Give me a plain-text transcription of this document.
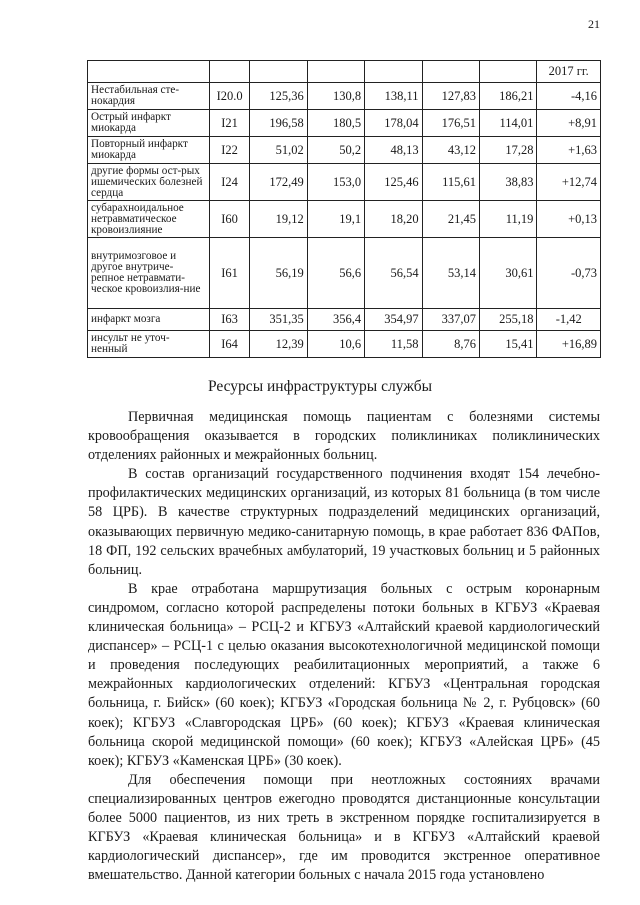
21
							2017 гг.
Нестабильная сте-нокардия	I20.0	125,36	130,8	138,11	127,83	186,21	-4,16
Острый инфаркт миокарда	I21	196,58	180,5	178,04	176,51	114,01	+8,91
Повторный инфаркт миокарда	I22	51,02	50,2	48,13	43,12	17,28	+1,63
другие формы ост-рых ишемических болезней сердца	I24	172,49	153,0	125,46	115,61	38,83	+12,74
субарахноидальное нетравматическое кровоизлияние	I60	19,12	19,1	18,20	21,45	11,19	+0,13
внутримозговое и другое внутриче-репное нетравмати-ческое кровоизлия-ние	I61	56,19	56,6	56,54	53,14	30,61	-0,73
инфаркт мозга	I63	351,35	356,4	354,97	337,07	255,18	-1,42
инсульт не уточ-ненный	I64	12,39	10,6	11,58	8,76	15,41	+16,89
Ресурсы инфраструктуры службы

Первичная медицинская помощь пациентам с болезнями системы кровообращения оказывается в городских поликлиниках поликлинических отделениях районных и межрайонных больниц.

В состав организаций государственного подчинения входят 154 лечебно-профилактических медицинских организаций, из которых 81 больница (в том числе 58 ЦРБ). В качестве структурных подразделений медицинских организаций, оказывающих первичную медико-санитарную помощь, в крае работает 836 ФАПов, 18 ФП, 192 сельских врачебных амбулаторий, 19 участковых больниц и 5 районных больниц.

В крае отработана маршрутизация больных с острым коронарным синдромом, согласно которой распределены потоки больных в КГБУЗ «Краевая клиническая больница» – РСЦ-2 и КГБУЗ «Алтайский краевой кардиологический диспансер» – РСЦ-1 с целью оказания высокотехнологичной медицинской помощи и проведения последующих реабилитационных мероприятий, а также 6 межрайонных кардиологических отделений: КГБУЗ «Центральная городская больница, г. Бийск» (60 коек); КГБУЗ «Городская больница № 2, г. Рубцовск» (60 коек); КГБУЗ «Славгородская ЦРБ» (60 коек); КГБУЗ «Краевая клиническая больница скорой медицинской помощи» (60 коек); КГБУЗ «Алейская ЦРБ» (45 коек); КГБУЗ «Каменская ЦРБ» (30 коек).

Для обеспечения помощи при неотложных состояниях врачами специализированных центров ежегодно проводятся дистанционные консультации более 5000 пациентов, из них треть в экстренном порядке госпитализируется в КГБУЗ «Краевая клиническая больница» и в КГБУЗ «Алтайский краевой кардиологический диспансер», где им проводится экстренное оперативное вмешательство. Данной категории больных с начала 2015 года установлено
